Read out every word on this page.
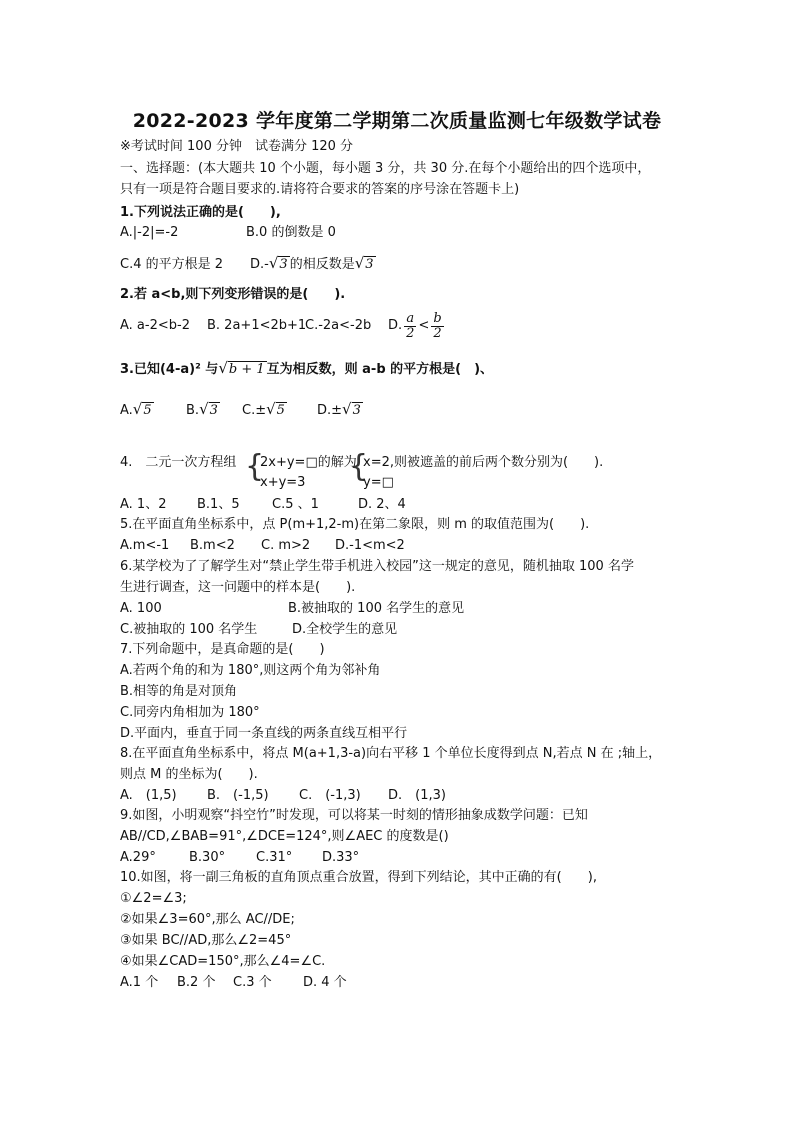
2022-2023 学年度第二学期第二次质量监测七年级数学试卷
※考试时间 100 分钟　试卷满分 120 分
一、选择题：(本大题共 10 个小题，每小题 3 分，共 30 分.在每个小题给出的四个选项中，
只有一项是符合题目要求的.请将符合要求的答案的序号涂在答题卡上)
1.下列说法正确的是(　　),
A.|-2|=-2	B.0 的倒数是 0
C.4 的平方根是 2 D.-√3 的相反数是√3
2.若 a<b,则下列变形错误的是(　　).
A. a-2<b-2 B. 2a+1<2b+1
C.-2a<-2b D. $\frac{a}{2} < \frac{b}{2}$
3.已知(4-a)² 与√b + 1 互为相反数，则 a-b 的平方根是(　)、
A.√5	B.√3 C.±√5 D.±√3
4.　二元一次方程组 {
2x+y=□的解为
x+y=3 {
x=2,则被遮盖的前后两个数分别为(　　).
y=□
A. 1、2 B.1、5 C.5 、1	D. 2、4
5.在平面直角坐标系中，点 P(m+1,2-m)在第二象限，则 m 的取值范围为(　　).
A.m<-1 B.m<2 C. m>2 D.-1<m<2
6.某学校为了了解学生对“禁止学生带手机进入校园”这一规定的意见，随机抽取 100 名学
生进行调查，这一问题中的样本是(　　).
A. 100	B.被抽取的 100 名学生的意见
C.被抽取的 100 名学生	D.全校学生的意见
7.下列命题中，是真命题的是(　　)
A.若两个角的和为 180°,则这两个角为邻补角
B.相等的角是对顶角
C.同旁内角相加为 180°
D.平面内，垂直于同一条直线的两条直线互相平行
8.在平面直角坐标系中，将点 M(a+1,3-a)向右平移 1 个单位长度得到点 N,若点 N 在 ;轴上，
则点 M 的坐标为(　　).
A.　(1,5) B.　(-1,5) C.　(-1,3) D.　(1,3)
9.如图，小明观察“抖空竹”时发现，可以将某一时刻的情形抽象成数学问题：已知
AB//CD,∠BAB=91°,∠DCE=124°,则∠AEC 的度数是()
A.29°	B.30° C.31° D.33°
10.如图，将一副三角板的直角顶点重合放置，得到下列结论，其中正确的有(　　),
①∠2=∠3;
②如果∠3=60°,那么 AC//DE;
③如果 BC//AD,那么∠2=45°
④如果∠CAD=150°,那么∠4=∠C.
A.1 个 B.2 个 C.3 个 D. 4 个
